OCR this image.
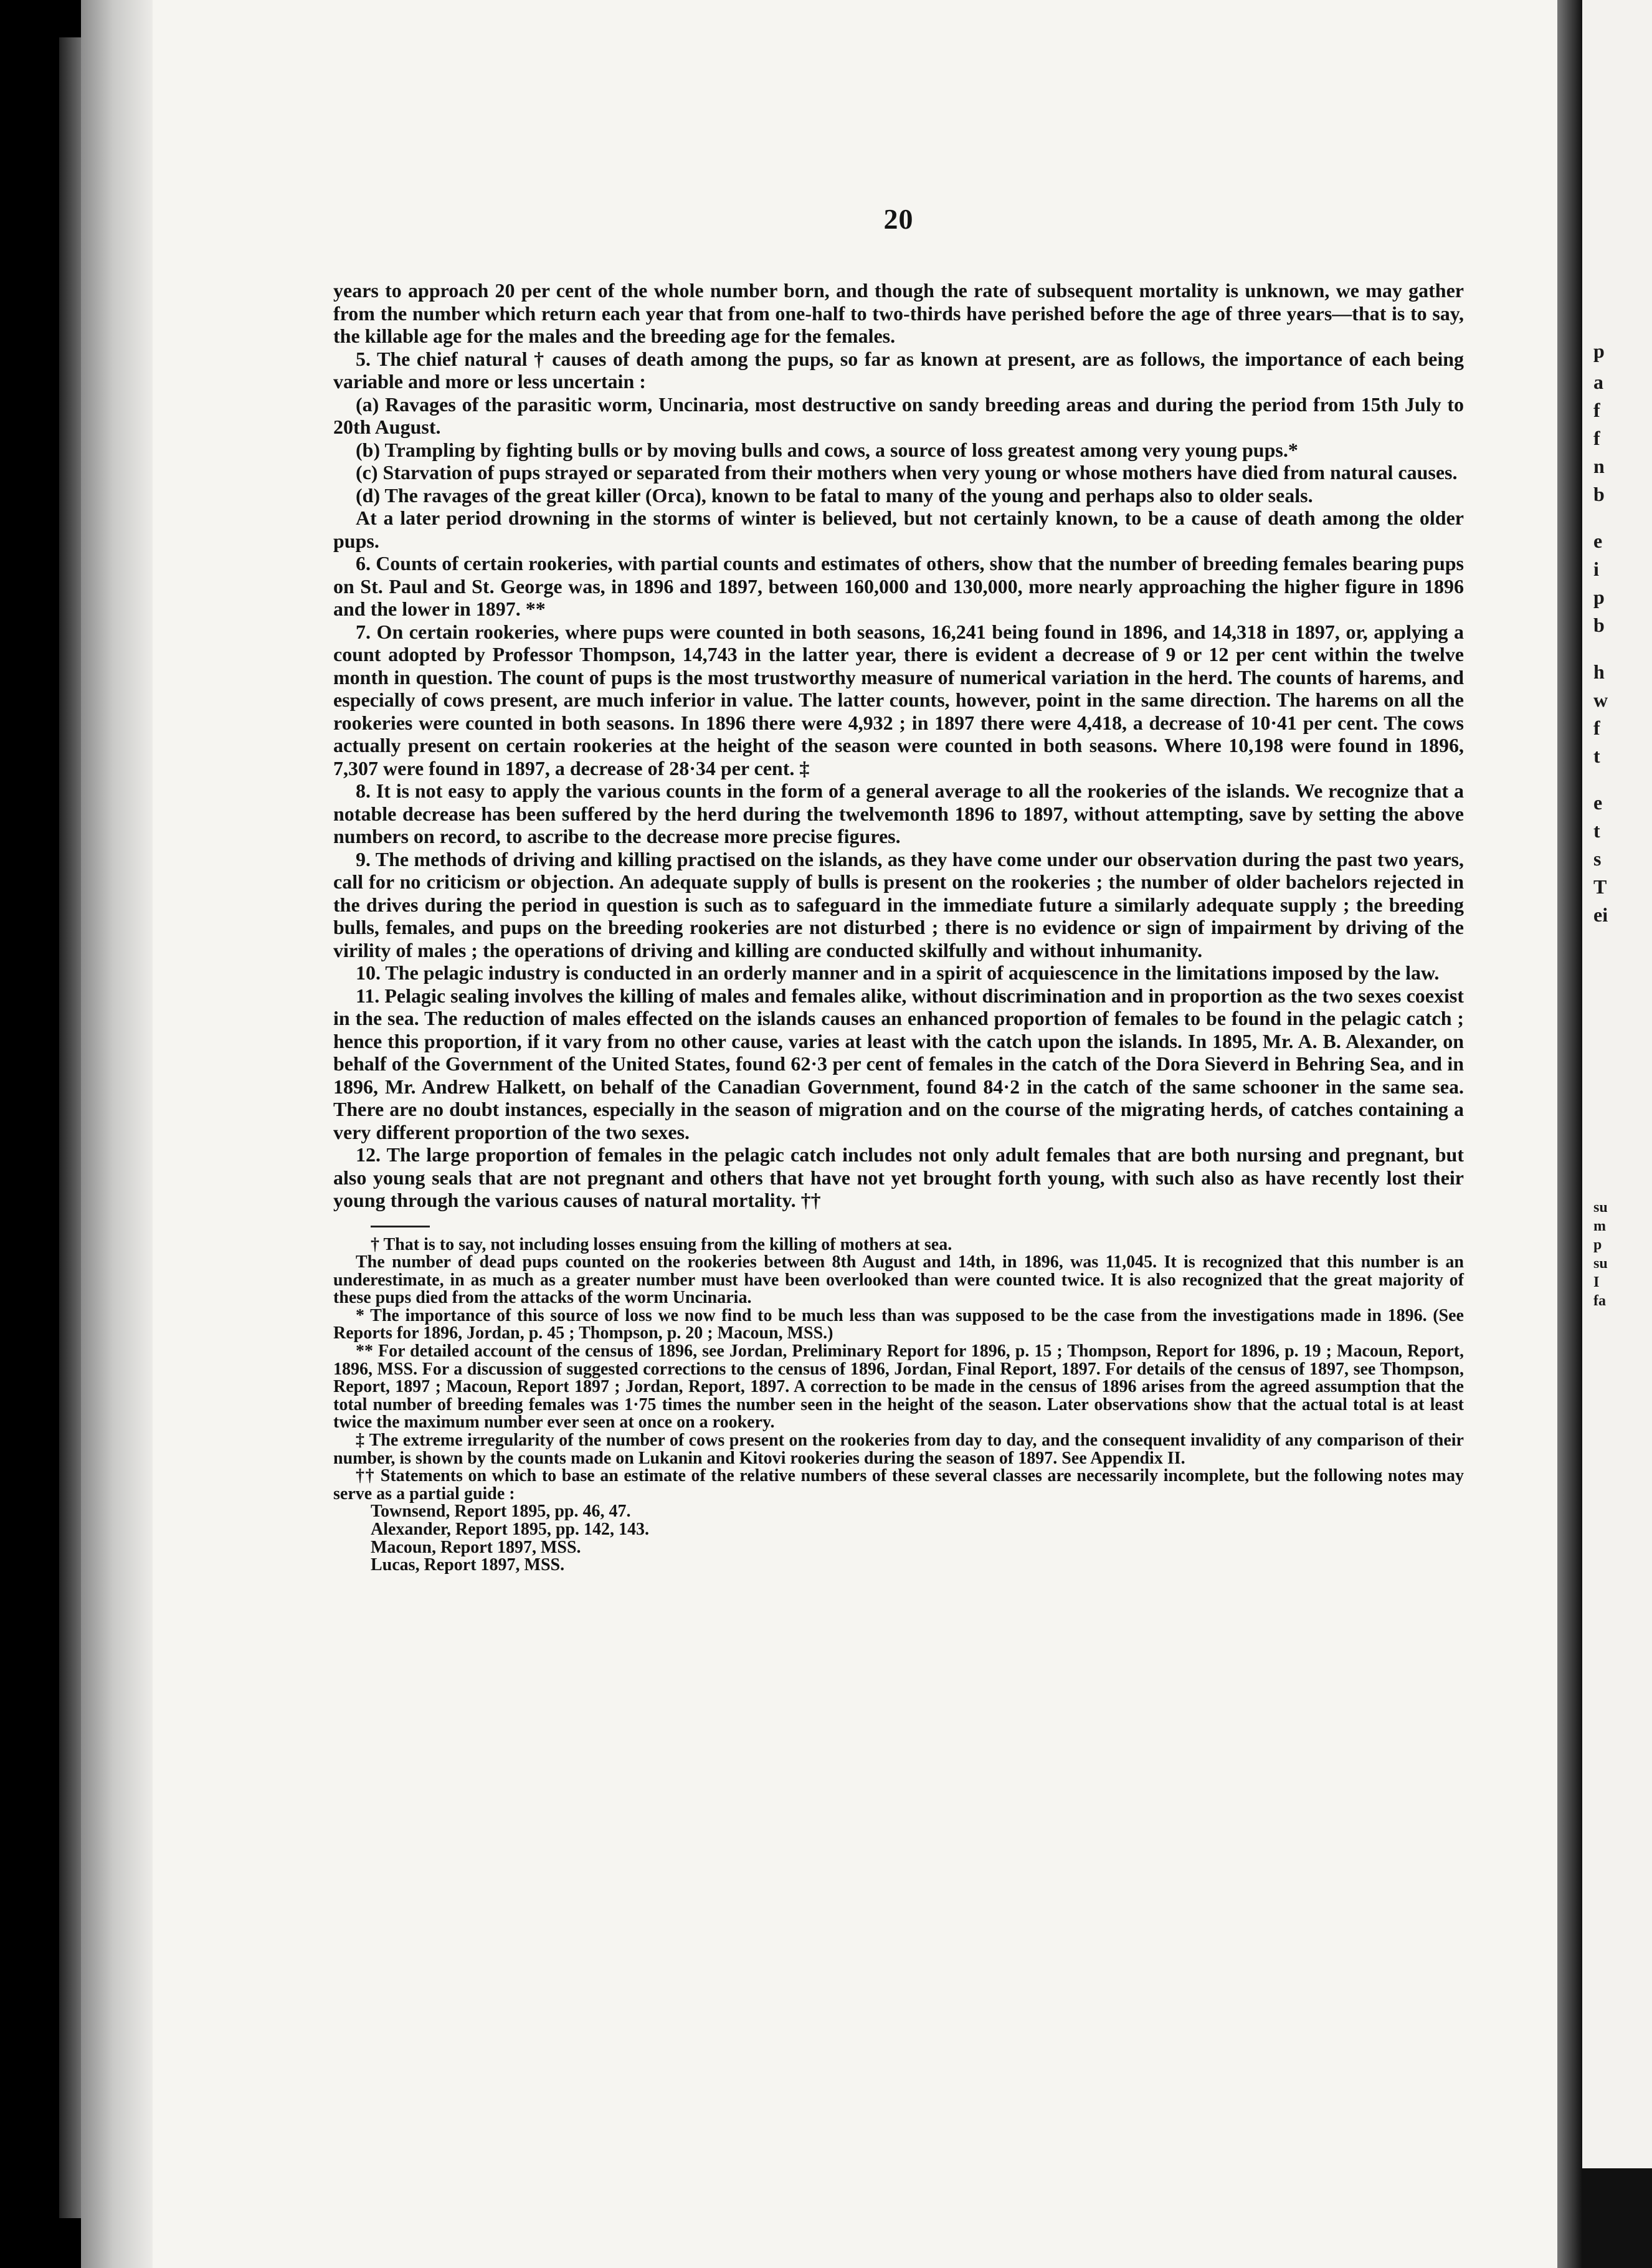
p
a
f
f
n
b
e
i
p
b
h
w
f
t
e
t
s
T
ei
su
m
p
su
I
fa
20

years to approach 20 per cent of the whole number born, and though the rate of subsequent mortality is unknown, we may gather from the number which return each year that from one-half to two-thirds have perished before the age of three years—that is to say, the killable age for the males and the breeding age for the females.

5. The chief natural † causes of death among the pups, so far as known at present, are as follows, the importance of each being variable and more or less uncertain :

(a) Ravages of the parasitic worm, Uncinaria, most destructive on sandy breeding areas and during the period from 15th July to 20th August.

(b) Trampling by fighting bulls or by moving bulls and cows, a source of loss greatest among very young pups.*

(c) Starvation of pups strayed or separated from their mothers when very young or whose mothers have died from natural causes.

(d) The ravages of the great killer (Orca), known to be fatal to many of the young and perhaps also to older seals.

At a later period drowning in the storms of winter is believed, but not certainly known, to be a cause of death among the older pups.

6. Counts of certain rookeries, with partial counts and estimates of others, show that the number of breeding females bearing pups on St. Paul and St. George was, in 1896 and 1897, between 160,000 and 130,000, more nearly approaching the higher figure in 1896 and the lower in 1897. **

7. On certain rookeries, where pups were counted in both seasons, 16,241 being found in 1896, and 14,318 in 1897, or, applying a count adopted by Professor Thompson, 14,743 in the latter year, there is evident a decrease of 9 or 12 per cent within the twelve month in question. The count of pups is the most trustworthy measure of numerical variation in the herd. The counts of harems, and especially of cows present, are much inferior in value. The latter counts, however, point in the same direction. The harems on all the rookeries were counted in both seasons. In 1896 there were 4,932 ; in 1897 there were 4,418, a decrease of 10·41 per cent. The cows actually present on certain rookeries at the height of the season were counted in both seasons. Where 10,198 were found in 1896, 7,307 were found in 1897, a decrease of 28·34 per cent. ‡

8. It is not easy to apply the various counts in the form of a general average to all the rookeries of the islands. We recognize that a notable decrease has been suffered by the herd during the twelvemonth 1896 to 1897, without attempting, save by setting the above numbers on record, to ascribe to the decrease more precise figures.

9. The methods of driving and killing practised on the islands, as they have come under our observation during the past two years, call for no criticism or objection. An adequate supply of bulls is present on the rookeries ; the number of older bachelors rejected in the drives during the period in question is such as to safeguard in the immediate future a similarly adequate supply ; the breeding bulls, females, and pups on the breeding rookeries are not disturbed ; there is no evidence or sign of impairment by driving of the virility of males ; the operations of driving and killing are conducted skilfully and without inhumanity.

10. The pelagic industry is conducted in an orderly manner and in a spirit of acquiescence in the limitations imposed by the law.

11. Pelagic sealing involves the killing of males and females alike, without discrimination and in proportion as the two sexes coexist in the sea. The reduction of males effected on the islands causes an enhanced proportion of females to be found in the pelagic catch ; hence this proportion, if it vary from no other cause, varies at least with the catch upon the islands. In 1895, Mr. A. B. Alexander, on behalf of the Government of the United States, found 62·3 per cent of females in the catch of the Dora Sieverd in Behring Sea, and in 1896, Mr. Andrew Halkett, on behalf of the Canadian Government, found 84·2 in the catch of the same schooner in the same sea. There are no doubt instances, especially in the season of migration and on the course of the migrating herds, of catches containing a very different proportion of the two sexes.

12. The large proportion of females in the pelagic catch includes not only adult females that are both nursing and pregnant, but also young seals that are not pregnant and others that have not yet brought forth young, with such also as have recently lost their young through the various causes of natural mortality. ††

† That is to say, not including losses ensuing from the killing of mothers at sea.

The number of dead pups counted on the rookeries between 8th August and 14th, in 1896, was 11,045. It is recognized that this number is an underestimate, in as much as a greater number must have been overlooked than were counted twice. It is also recognized that the great majority of these pups died from the attacks of the worm Uncinaria.

* The importance of this source of loss we now find to be much less than was supposed to be the case from the investigations made in 1896. (See Reports for 1896, Jordan, p. 45 ; Thompson, p. 20 ; Macoun, MSS.)

** For detailed account of the census of 1896, see Jordan, Preliminary Report for 1896, p. 15 ; Thompson, Report for 1896, p. 19 ; Macoun, Report, 1896, MSS. For a discussion of suggested corrections to the census of 1896, Jordan, Final Report, 1897. For details of the census of 1897, see Thompson, Report, 1897 ; Macoun, Report 1897 ; Jordan, Report, 1897. A correction to be made in the census of 1896 arises from the agreed assumption that the total number of breeding females was 1·75 times the number seen in the height of the season. Later observations show that the actual total is at least twice the maximum number ever seen at once on a rookery.

‡ The extreme irregularity of the number of cows present on the rookeries from day to day, and the consequent invalidity of any comparison of their number, is shown by the counts made on Lukanin and Kitovi rookeries during the season of 1897. See Appendix II.

†† Statements on which to base an estimate of the relative numbers of these several classes are necessarily incomplete, but the following notes may serve as a partial guide :

Townsend, Report 1895, pp. 46, 47.

Alexander, Report 1895, pp. 142, 143.

Macoun, Report 1897, MSS.

Lucas, Report 1897, MSS.
